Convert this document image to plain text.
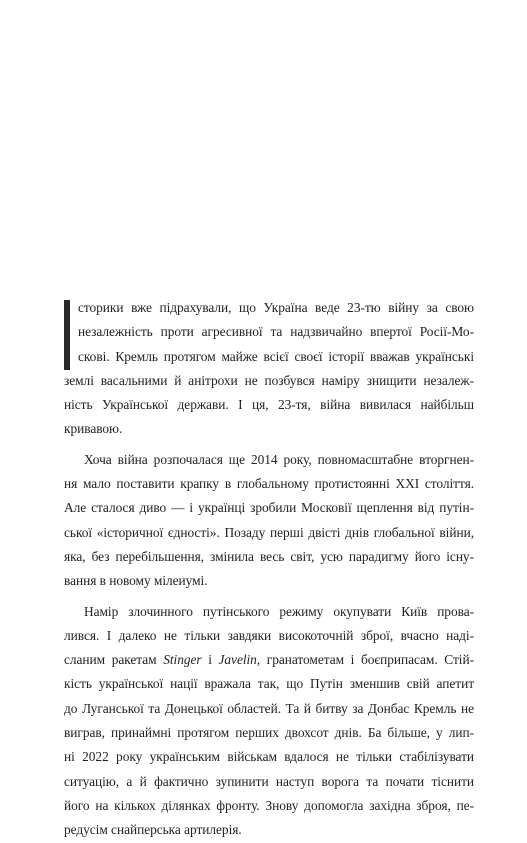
сторики вже підрахували, що Україна веде 23-тю війну за свою
незалежність проти агресивної та надзвичайно впертої Росії-Мо-
скові. Кремль протягом майже всієї своєї історії вважав українські
землі васальними й анітрохи не позбувся наміру знищити незалеж-
ність Української держави. І ця, 23-тя, війна вивилася найбільш
кривавою.

Хоча війна розпочалася ще 2014 року, повномасштабне вторгнен-
ня мало поставити крапку в глобальному протистоянні XXI століття.
Але сталося диво — і українці зробили Московії щеплення від путін-
ської «історичної єдності». Позаду перші двісті днів глобальної війни,
яка, без перебільшення, змінила весь світ, усю парадигму його існу-
вання в новому мілеиумі.

Намір злочинного путінського режиму окупувати Київ прова-
лився. І далеко не тільки завдяки високоточній зброї, вчасно наді-
сланим ракетам Stinger і Javelin, гранатометам і боєприпасам. Стій-
кість української нації вражала так, що Путін зменшив свій апетит
до Луганської та Донецької областей. Та й битву за Донбас Кремль не
виграв, принаймні протягом перших двохсот днів. Ба більше, у лип-
ні 2022 року українським військам вдалося не тільки стабілізувати
ситуацію, а й фактично зупинити наступ ворога та почати тіснити
його на кількох ділянках фронту. Знову допомогла західна зброя, пе-
редусім снайперська артилерія.
